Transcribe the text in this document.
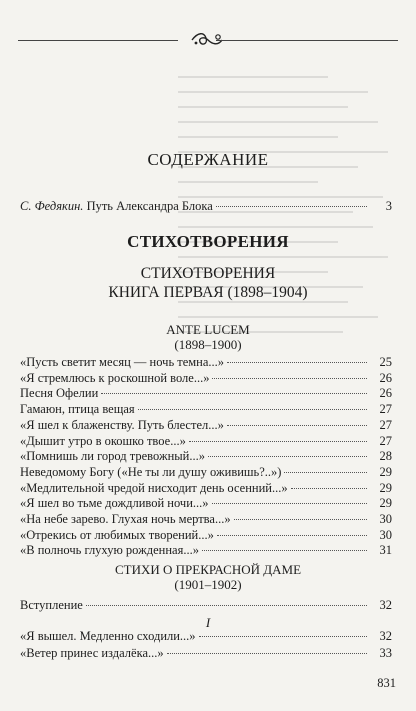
СОДЕРЖАНИЕ
С. Федякин. Путь Александра Блока	3
СТИХОТВОРЕНИЯ
СТИХОТВОРЕНИЯ
КНИГА ПЕРВАЯ (1898–1904)
ANTE LUCEM
(1898–1900)
«Пусть светит месяц — ночь темна...»	25
«Я стремлюсь к роскошной воле...»	26
Песня Офелии	26
Гамаюн, птица вещая	27
«Я шел к блаженству. Путь блестел...»	27
«Дышит утро в окошко твое...»	27
«Помнишь ли город тревожный...»	28
Неведомому Богу («Не ты ли душу оживишь?..»)	29
«Медлительной чредой нисходит день осенний...»	29
«Я шел во тьме дождливой ночи...»	29
«На небе зарево. Глухая ночь мертва...»	30
«Отрекись от любимых творений...»	30
«В полночь глухую рожденная...»	31
СТИХИ О ПРЕКРАСНОЙ ДАМЕ
(1901–1902)
Вступление	32
I
«Я вышел. Медленно сходили...»	32
«Ветер принес издалёка...»	33
831
